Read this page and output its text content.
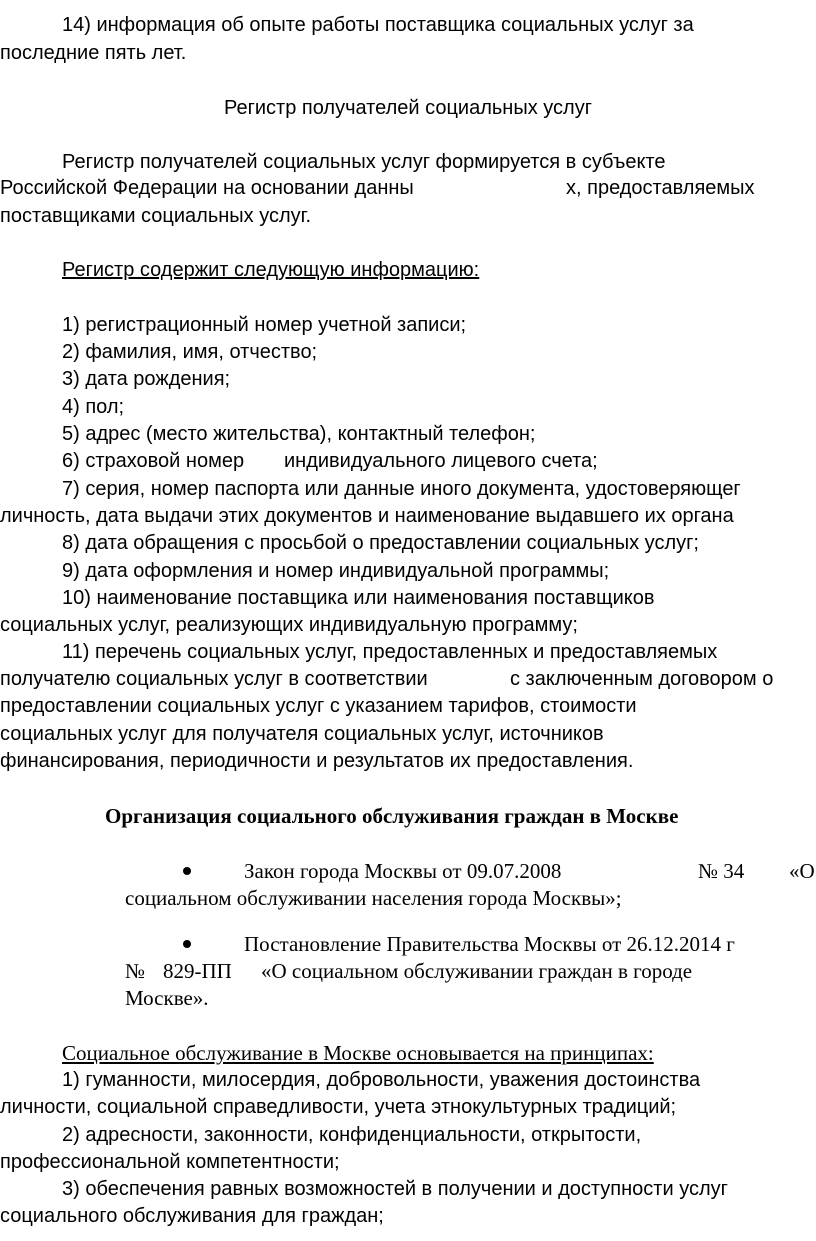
14) информация об опыте работы поставщика социальных услуг за
последние пять лет.
Регистр получателей социальных услуг
Регистр получателей социальных услуг формируется в субъекте
Российской Федерации на основании данны	х, предоставляемых
поставщиками социальных услуг.
Регистр содержит следующую информацию:
1) регистрационный номер учетной записи;
2) фамилия, имя, отчество;
3) дата рождения;
4) пол;
5) адрес (место жительства), контактный телефон;
6) страховой номер индивидуального лицевого счета;
7) серия, номер паспорта или данные иного документа, удостоверяющег
личность, дата выдачи этих документов и наименование выдавшего их органа
8) дата обращения с просьбой о предоставлении социальных услуг;
9) дата оформления и номер индивидуальной программы;
10) наименование поставщика или наименования поставщиков
социальных услуг, реализующих индивидуальную программу;
11) перечень социальных услуг, предоставленных и предоставляемых
получателю социальных услуг в соответствии	с заключенным договором о
предоставлении социальных услуг с указанием тарифов, стоимости
социальных услуг для получателя социальных услуг, источников
финансирования, периодичности и результатов их предоставления.
Организация социального обслуживания граждан в Москве
Закон города Москвы от 09.07.2008	№ 34 «О
социальном обслуживании населения города Москвы»;
Постановление Правительства Москвы от 26.12.2014 г
№ 829-ПП «О социальном обслуживании граждан в городе
Москве».
Социальное обслуживание в Москве основывается на принципах:
1) гуманности, милосердия, добровольности, уважения достоинства
личности, социальной справедливости, учета этнокультурных традиций;
2) адресности, законности, конфиденциальности, открытости,
профессиональной компетентности;
3) обеспечения равных возможностей в получении и доступности услуг
социального обслуживания для граждан;
